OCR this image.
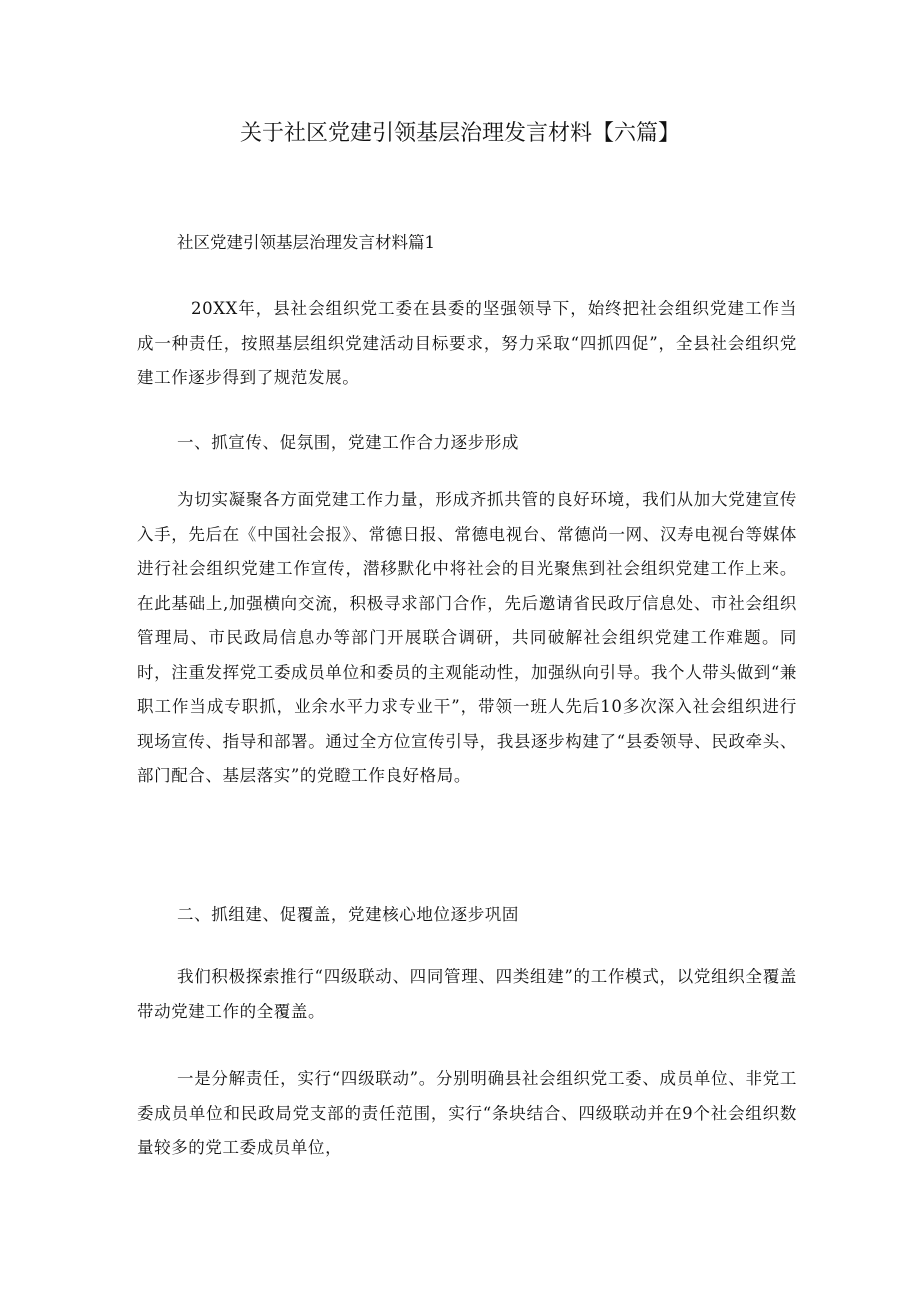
关于社区党建引领基层治理发言材料【六篇】

社区党建引领基层治理发言材料篇1

20XX年，县社会组织党工委在县委的坚强领导下，始终把社会组织党建工作当成一种责任，按照基层组织党建活动目标要求，努力采取“四抓四促”，全县社会组织党建工作逐步得到了规范发展。

一、抓宣传、促氛围，党建工作合力逐步形成

为切实凝聚各方面党建工作力量，形成齐抓共管的良好环境，我们从加大党建宣传入手，先后在《中国社会报》、常德日报、常德电视台、常德尚一网、汉寿电视台等媒体进行社会组织党建工作宣传，潜移默化中将社会的目光聚焦到社会组织党建工作上来。在此基础上,加强横向交流，积极寻求部门合作，先后邀请省民政厅信息处、市社会组织管理局、市民政局信息办等部门开展联合调研，共同破解社会组织党建工作难题。同时，注重发挥党工委成员单位和委员的主观能动性，加强纵向引导。我个人带头做到“兼职工作当成专职抓，业余水平力求专业干”，带领一班人先后10多次深入社会组织进行现场宣传、指导和部署。通过全方位宣传引导，我县逐步构建了“县委领导、民政牵头、部门配合、基层落实”的党瞪工作良好格局。

二、抓组建、促覆盖，党建核心地位逐步巩固

我们积极探索推行“四级联动、四同管理、四类组建”的工作模式，以党组织全覆盖带动党建工作的全覆盖。

一是分解责任，实行“四级联动”。分别明确县社会组织党工委、成员单位、非党工委成员单位和民政局党支部的责任范围，实行“条块结合、四级联动并在9个社会组织数量较多的党工委成员单位，
